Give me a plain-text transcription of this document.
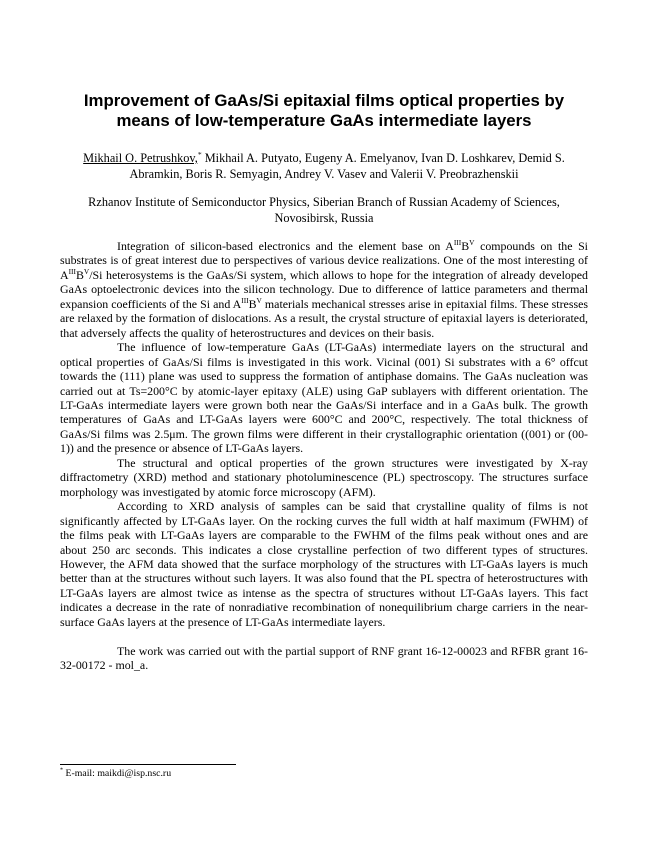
Improvement of GaAs/Si epitaxial films optical properties by means of low-temperature GaAs intermediate layers

Mikhail O. Petrushkov,* Mikhail A. Putyato, Eugeny A. Emelyanov, Ivan D. Loshkarev, Demid S. Abramkin, Boris R. Semyagin, Andrey V. Vasev and Valerii V. Preobrazhenskii

Rzhanov Institute of Semiconductor Physics, Siberian Branch of Russian Academy of Sciences, Novosibirsk, Russia

Integration of silicon-based electronics and the element base on $A^{III}B^V$ compounds on the Si substrates is of great interest due to perspectives of various device realizations. One of the most interesting of $A^{III}B^V/Si$ heterosystems is the GaAs/Si system, which allows to hope for the integration of already developed GaAs optoelectronic devices into the silicon technology. Due to difference of lattice parameters and thermal expansion coefficients of the Si and $A^{III}B^V$ materials mechanical stresses arise in epitaxial films. These stresses are relaxed by the formation of dislocations. As a result, the crystal structure of epitaxial layers is deteriorated, that adversely affects the quality of heterostructures and devices on their basis.

The influence of low-temperature GaAs (LT-GaAs) intermediate layers on the structural and optical properties of GaAs/Si films is investigated in this work. Vicinal (001) Si substrates with a 6° offcut towards the (111) plane was used to suppress the formation of antiphase domains. The GaAs nucleation was carried out at Ts=200°C by atomic-layer epitaxy (ALE) using GaP sublayers with different orientation. The LT-GaAs intermediate layers were grown both near the GaAs/Si interface and in a GaAs bulk. The growth temperatures of GaAs and LT-GaAs layers were 600°C and 200°C, respectively. The total thickness of GaAs/Si films was 2.5μm. The grown films were different in their crystallographic orientation ((001) or (00-1)) and the presence or absence of LT-GaAs layers.

The structural and optical properties of the grown structures were investigated by X-ray diffractometry (XRD) method and stationary photoluminescence (PL) spectroscopy. The structures surface morphology was investigated by atomic force microscopy (AFM).

According to XRD analysis of samples can be said that crystalline quality of films is not significantly affected by LT-GaAs layer. On the rocking curves the full width at half maximum (FWHM) of the films peak with LT-GaAs layers are comparable to the FWHM of the films peak without ones and are about 250 arc seconds. This indicates a close crystalline perfection of two different types of structures. However, the AFM data showed that the surface morphology of the structures with LT-GaAs layers is much better than at the structures without such layers. It was also found that the PL spectra of heterostructures with LT-GaAs layers are almost twice as intense as the spectra of structures without LT-GaAs layers. This fact indicates a decrease in the rate of nonradiative recombination of nonequilibrium charge carriers in the near-surface GaAs layers at the presence of LT-GaAs intermediate layers.

The work was carried out with the partial support of RNF grant 16-12-00023 and RFBR grant 16-32-00172 - mol_a.

* E-mail: maikdi@isp.nsc.ru
